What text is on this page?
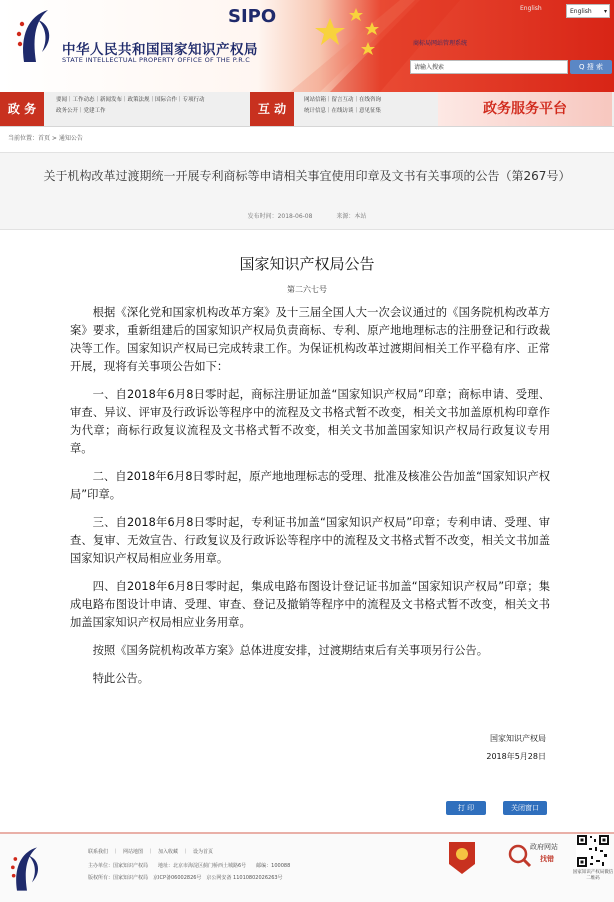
SIPO
中华人民共和国国家知识产权局
STATE INTELLECTUAL PROPERTY OFFICE OF THE P.R.C
商标局网站管理系统
English	English ▾
请输入搜索	Q 搜 索
政 务
要闻｜工作动态｜新闻发布｜政策法规｜国际合作｜专项行动
政务公开｜党建工作	互 动
网站信箱｜留言互动｜在线咨询
统计信息｜在线访谈｜意见征集	政务服务平台
当前位置：首页 > 通知公告
关于机构改革过渡期统一开展专利商标等申请相关事宜使用印章及文书有关事项的公告（第267号）
发布时间：2018-06-08　　　　来源：本站
国家知识产权局公告
第二六七号

根据《深化党和国家机构改革方案》及十三届全国人大一次会议通过的《国务院机构改革方案》要求，重新组建后的国家知识产权局负责商标、专利、原产地地理标志的注册登记和行政裁决等工作。国家知识产权局已完成转隶工作。为保证机构改革过渡期间相关工作平稳有序、正常开展，现将有关事项公告如下：

一、自2018年6月8日零时起，商标注册证加盖“国家知识产权局”印章；商标申请、受理、审查、异议、评审及行政诉讼等程序中的流程及文书格式暂不改变，相关文书加盖原机构印章作为代章；商标行政复议流程及文书格式暂不改变，相关文书加盖国家知识产权局行政复议专用章。

二、自2018年6月8日零时起，原产地地理标志的受理、批准及核准公告加盖“国家知识产权局”印章。

三、自2018年6月8日零时起，专利证书加盖“国家知识产权局”印章；专利申请、受理、审查、复审、无效宣告、行政复议及行政诉讼等程序中的流程及文书格式暂不改变，相关文书加盖国家知识产权局相应业务用章。

四、自2018年6月8日零时起，集成电路布图设计登记证书加盖“国家知识产权局”印章；集成电路布图设计申请、受理、审查、登记及撤销等程序中的流程及文书格式暂不改变，相关文书加盖国家知识产权局相应业务用章。

按照《国务院机构改革方案》总体进度安排，过渡期结束后有关事项另行公告。

特此公告。

国家知识产权局
2018年5月28日
打 印	关闭窗口
联系我们　｜　网站地图　｜　加入收藏　｜　设为首页
主办单位：国家知识产权局　　地址：北京市海淀区蓟门桥西土城路6号　　邮编：100088
版权所有：国家知识产权局　京ICP备06002826号　京公网安备 11010802026263号
政府网站
找错
国家知识产权局微信二维码
